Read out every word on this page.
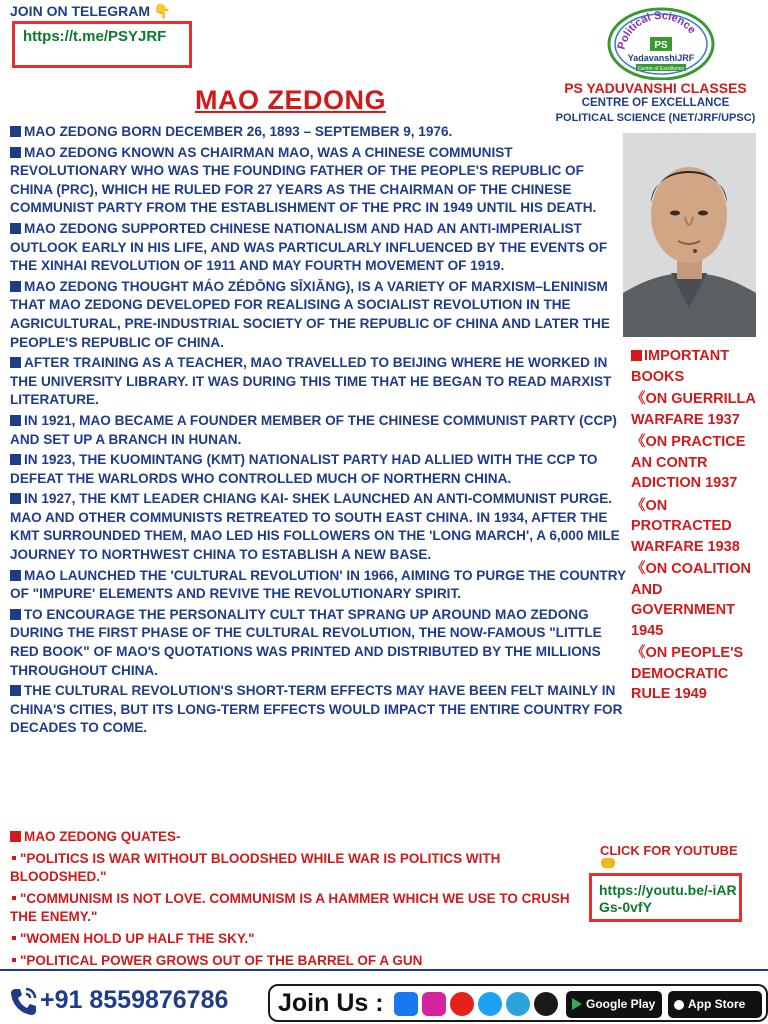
JOIN ON TELEGRAM 👇
https://t.me/PSYJRF
MAO ZEDONG
Political Science
PS
YadavanshiJRF
Centre of Excellence
PS YADUVANSHI CLASSES
CENTRE OF EXCELLANCE
POLITICAL SCIENCE (NET/JRF/UPSC)

MAO ZEDONG BORN DECEMBER 26, 1893 – SEPTEMBER 9, 1976.

MAO ZEDONG KNOWN AS CHAIRMAN MAO, WAS A CHINESE COMMUNIST REVOLUTIONARY WHO WAS THE FOUNDING FATHER OF THE PEOPLE'S REPUBLIC OF CHINA (PRC), WHICH HE RULED FOR 27 YEARS AS THE CHAIRMAN OF THE CHINESE COMMUNIST PARTY FROM THE ESTABLISHMENT OF THE PRC IN 1949 UNTIL HIS DEATH.

MAO ZEDONG SUPPORTED CHINESE NATIONALISM AND HAD AN ANTI-IMPERIALIST OUTLOOK EARLY IN HIS LIFE, AND WAS PARTICULARLY INFLUENCED BY THE EVENTS OF THE XINHAI REVOLUTION OF 1911 AND MAY FOURTH MOVEMENT OF 1919.

MAO ZEDONG THOUGHT MÁO ZÉDŌNG SĪXIĂNG), IS A VARIETY OF MARXISM–LENINISM THAT MAO ZEDONG DEVELOPED FOR REALISING A SOCIALIST REVOLUTION IN THE AGRICULTURAL, PRE-INDUSTRIAL SOCIETY OF THE REPUBLIC OF CHINA AND LATER THE PEOPLE'S REPUBLIC OF CHINA.

AFTER TRAINING AS A TEACHER, MAO TRAVELLED TO BEIJING WHERE HE WORKED IN THE UNIVERSITY LIBRARY. IT WAS DURING THIS TIME THAT HE BEGAN TO READ MARXIST LITERATURE.

IN 1921, MAO BECAME A FOUNDER MEMBER OF THE CHINESE COMMUNIST PARTY (CCP) AND SET UP A BRANCH IN HUNAN.

IN 1923, THE KUOMINTANG (KMT) NATIONALIST PARTY HAD ALLIED WITH THE CCP TO DEFEAT THE WARLORDS WHO CONTROLLED MUCH OF NORTHERN CHINA.

IN 1927, THE KMT LEADER CHIANG KAI- SHEK LAUNCHED AN ANTI-COMMUNIST PURGE. MAO AND OTHER COMMUNISTS RETREATED TO SOUTH EAST CHINA. IN 1934, AFTER THE KMT SURROUNDED THEM, MAO LED HIS FOLLOWERS ON THE 'LONG MARCH', A 6,000 MILE JOURNEY TO NORTHWEST CHINA TO ESTABLISH A NEW BASE.

MAO LAUNCHED THE 'CULTURAL REVOLUTION' IN 1966, AIMING TO PURGE THE COUNTRY OF "IMPURE' ELEMENTS AND REVIVE THE REVOLUTIONARY SPIRIT.

TO ENCOURAGE THE PERSONALITY CULT THAT SPRANG UP AROUND MAO ZEDONG DURING THE FIRST PHASE OF THE CULTURAL REVOLUTION, THE NOW-FAMOUS "LITTLE RED BOOK" OF MAO'S QUOTATIONS WAS PRINTED AND DISTRIBUTED BY THE MILLIONS THROUGHOUT CHINA.

THE CULTURAL REVOLUTION'S SHORT-TERM EFFECTS MAY HAVE BEEN FELT MAINLY IN CHINA'S CITIES, BUT ITS LONG-TERM EFFECTS WOULD IMPACT THE ENTIRE COUNTRY FOR DECADES TO COME.

IMPORTANT BOOKS
《ON GUERRILLA WARFARE 1937
《ON PRACTICE AN CONTR ADICTION 1937
《ON PROTRACTED WARFARE 1938
《ON COALITION AND GOVERNMENT 1945
《ON PEOPLE'S DEMOCRATIC RULE 1949
MAO ZEDONG QUATES-
"POLITICS IS WAR WITHOUT BLOODSHED WHILE WAR IS POLITICS WITH BLOODSHED."
"COMMUNISM IS NOT LOVE. COMMUNISM IS A HAMMER WHICH WE USE TO CRUSH THE ENEMY."
"WOMEN HOLD UP HALF THE SKY."
"POLITICAL POWER GROWS OUT OF THE BARREL OF A GUN
CLICK FOR YOUTUBE
https://youtu.be/-iARGs-0vfY
+91 8559876786 Join Us :	Google Play	App Store
